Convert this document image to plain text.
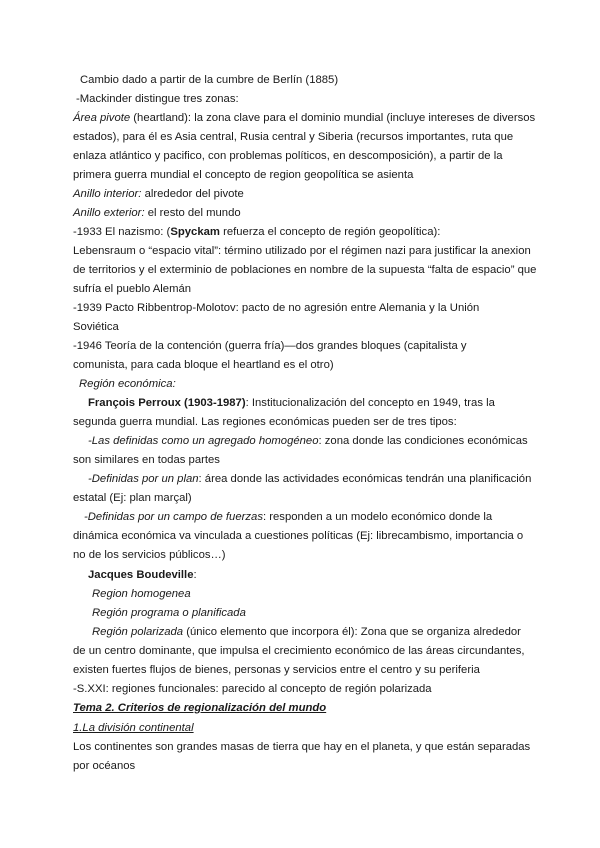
Cambio dado a partir de la cumbre de Berlín (1885)
-Mackinder distingue tres zonas:
Área pivote (heartland): la zona clave para el dominio mundial (incluye intereses de diversos
estados), para él es Asia central, Rusia central y Siberia (recursos importantes, ruta que
enlaza atlántico y pacifico, con problemas políticos, en descomposición), a partir de la
primera guerra mundial el concepto de region geopolítica se asienta
Anillo interior: alrededor del pivote
Anillo exterior: el resto del mundo
-1933 El nazismo: (Spyckam refuerza el concepto de región geopolítica):
Lebensraum o “espacio vital”: término utilizado por el régimen nazi para justificar la anexion
de territorios y el exterminio de poblaciones en nombre de la supuesta “falta de espacio” que
sufría el pueblo Alemán
-1939 Pacto Ribbentrop-Molotov: pacto de no agresión entre Alemania y la Unión
Soviética
-1946 Teoría de la contención (guerra fría)—dos grandes bloques (capitalista y
comunista, para cada bloque el heartland es el otro)
Región económica:
François Perroux (1903-1987): Institucionalización del concepto en 1949, tras la
segunda guerra mundial. Las regiones económicas pueden ser de tres tipos:
-Las definidas como un agregado homogéneo: zona donde las condiciones económicas
son similares en todas partes
-Definidas por un plan: área donde las actividades económicas tendrán una planificación
estatal (Ej: plan marçal)
-Definidas por un campo de fuerzas: responden a un modelo económico donde la
dinámica económica va vinculada a cuestiones políticas (Ej: librecambismo, importancia o
no de los servicios públicos…)
Jacques Boudeville:
Region homogenea
Región programa o planificada
Región polarizada (único elemento que incorpora él): Zona que se organiza alrededor
de un centro dominante, que impulsa el crecimiento económico de las áreas circundantes,
existen fuertes flujos de bienes, personas y servicios entre el centro y su periferia
-S.XXI: regiones funcionales: parecido al concepto de región polarizada
Tema 2. Criterios de regionalización del mundo
1.La división continental
Los continentes son grandes masas de tierra que hay en el planeta, y que están separadas
por océanos
